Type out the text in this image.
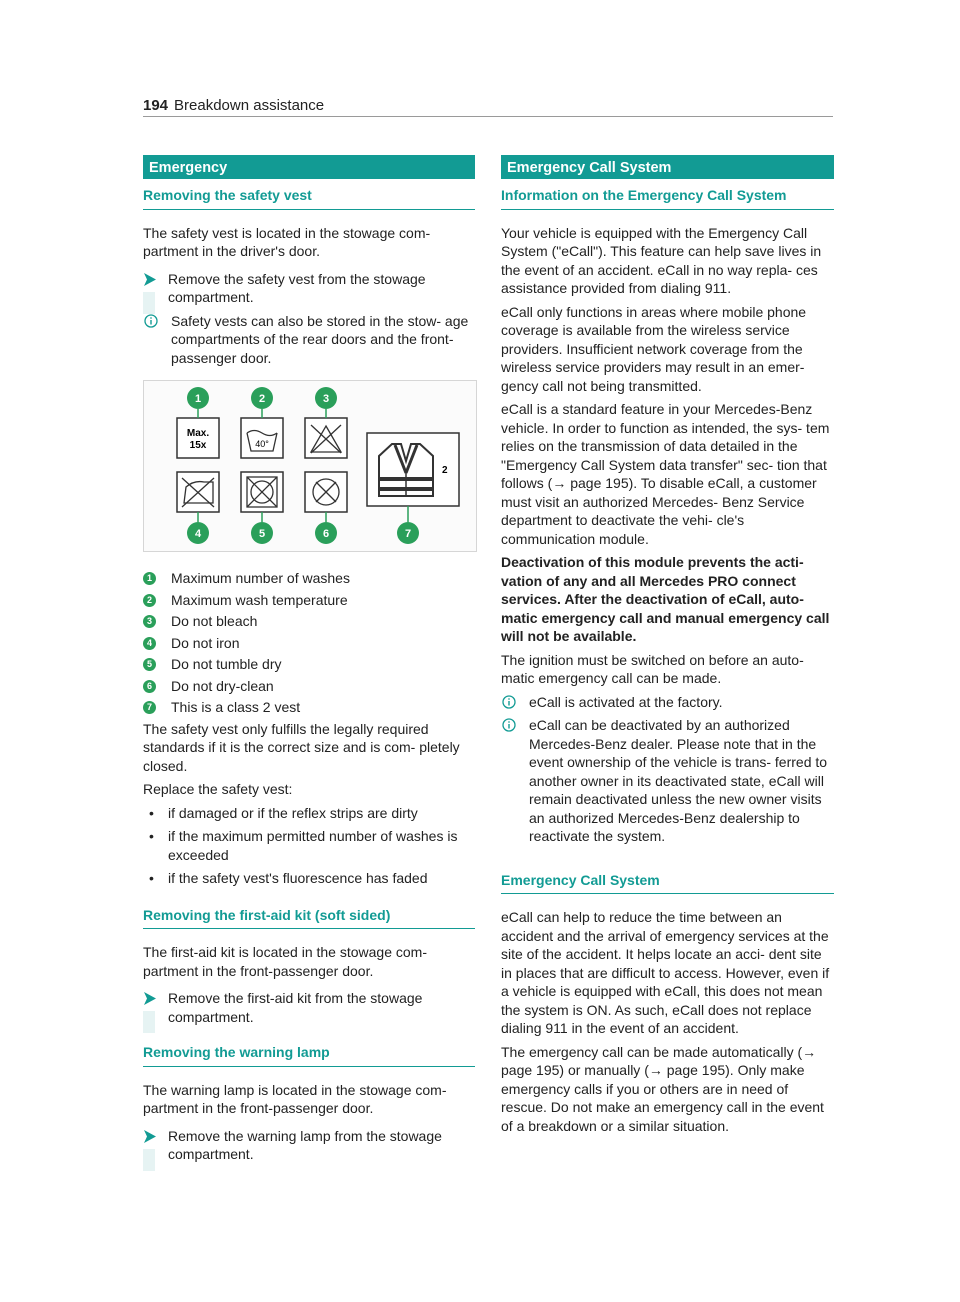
194 Breakdown assistance
Emergency
Removing the safety vest

The safety vest is located in the stowage com- partment in the driver's door.

Remove the safety vest from the stowage compartment.
Safety vests can also be stored in the stow- age compartments of the rear doors and the front-passenger door.
Max.
15x	40°
2
1	2	3
4	5	6	7
1 Maximum number of washes
2 Maximum wash temperature
3 Do not bleach
4 Do not iron
5 Do not tumble dry
6 Do not dry-clean
7 This is a class 2 vest

The safety vest only fulfills the legally required standards if it is the correct size and is com- pletely closed.

Replace the safety vest:

• if damaged or if the reflex strips are dirty
• if the maximum permitted number of washes is exceeded
• if the safety vest's fluorescence has faded
Removing the first-aid kit (soft sided)

The first-aid kit is located in the stowage com- partment in the front-passenger door.

Remove the first-aid kit from the stowage compartment.
Removing the warning lamp

The warning lamp is located in the stowage com- partment in the front-passenger door.

Remove the warning lamp from the stowage compartment.
Emergency Call System
Information on the Emergency Call System

Your vehicle is equipped with the Emergency Call System ("eCall"). This feature can help save lives in the event of an accident. eCall in no way repla- ces assistance provided from dialing 911.

eCall only functions in areas where mobile phone coverage is available from the wireless service providers. Insufficient network coverage from the wireless service providers may result in an emer- gency call not being transmitted.

eCall is a standard feature in your Mercedes-Benz vehicle. In order to function as intended, the sys- tem relies on the transmission of data detailed in the "Emergency Call System data transfer" sec- tion that follows (→ page 195). To disable eCall, a customer must visit an authorized Mercedes- Benz Service department to deactivate the vehi- cle's communication module.

Deactivation of this module prevents the acti- vation of any and all Mercedes PRO connect services. After the deactivation of eCall, auto- matic emergency call and manual emergency call will not be available.

The ignition must be switched on before an auto- matic emergency call can be made.

eCall is activated at the factory.
eCall can be deactivated by an authorized Mercedes-Benz dealer. Please note that in the event ownership of the vehicle is trans- ferred to another owner in its deactivated state, eCall will remain deactivated unless the new owner visits an authorized Mercedes-Benz dealership to reactivate the system.
Emergency Call System

eCall can help to reduce the time between an accident and the arrival of emergency services at the site of the accident. It helps locate an acci- dent site in places that are difficult to access. However, even if a vehicle is equipped with eCall, this does not mean the system is ON. As such, eCall does not replace dialing 911 in the event of an accident.

The emergency call can be made automatically (→ page 195) or manually (→ page 195). Only make emergency calls if you or others are in need of rescue. Do not make an emergency call in the event of a breakdown or a similar situation.
